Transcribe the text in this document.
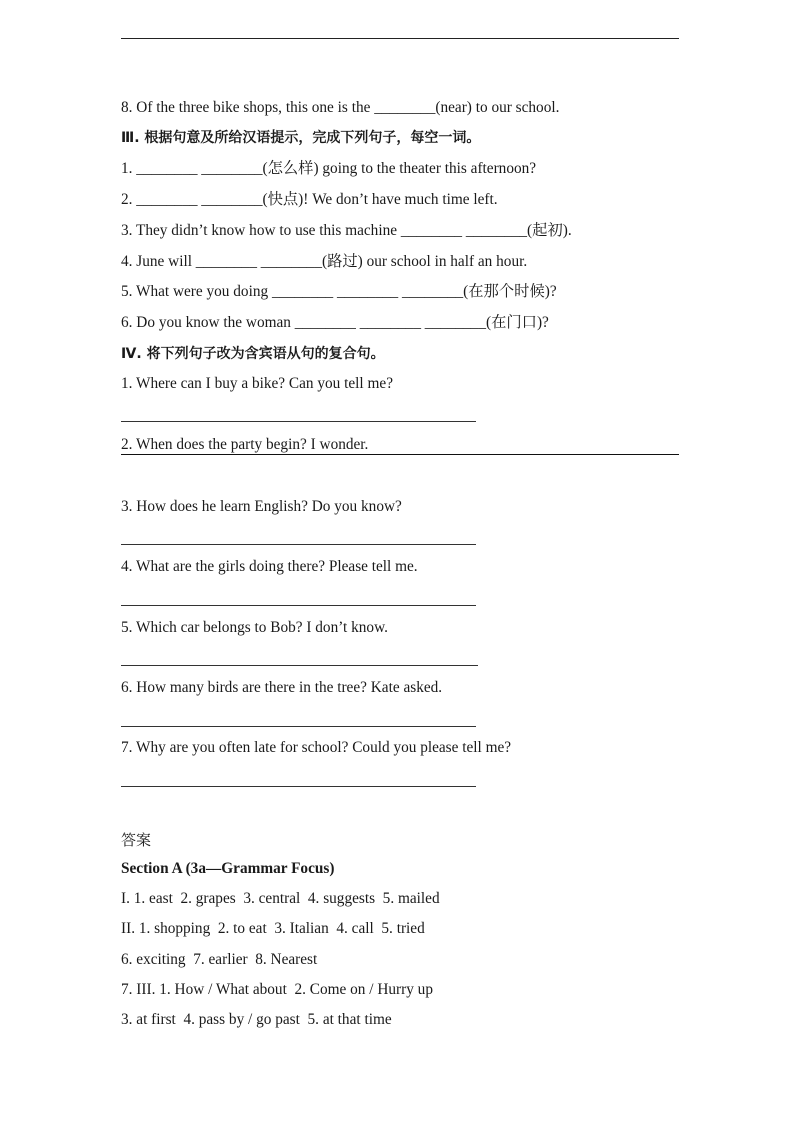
8. Of the three bike shops, this one is the ________(near) to our school.
Ⅲ. 根据句意及所给汉语提示，完成下列句子，每空一词。
1. ________ ________(怎么样) going to the theater this afternoon?
2. ________ ________(快点)! We don’t have much time left.
3. They didn’t know how to use this machine ________ ________(起初).
4. June will ________ ________(路过) our school in half an hour.
5. What were you doing ________ ________ ________(在那个时候)?
6. Do you know the woman ________ ________ ________(在门口)?
Ⅳ. 将下列句子改为含宾语从句的复合句。
1. Where can I buy a bike? Can you tell me?
2. When does the party begin? I wonder.
3. How does he learn English? Do you know?
4. What are the girls doing there? Please tell me.
5. Which car belongs to Bob? I don’t know.
6. How many birds are there in the tree? Kate asked.
7. Why are you often late for school? Could you please tell me?
答案
Section A (3a—Grammar Focus)
I. 1. east  2. grapes  3. central  4. suggests  5. mailed
II. 1. shopping  2. to eat  3. Italian  4. call  5. tried
6. exciting  7. earlier  8. Nearest
7. III. 1. How / What about  2. Come on / Hurry up
3. at first  4. pass by / go past  5. at that time
